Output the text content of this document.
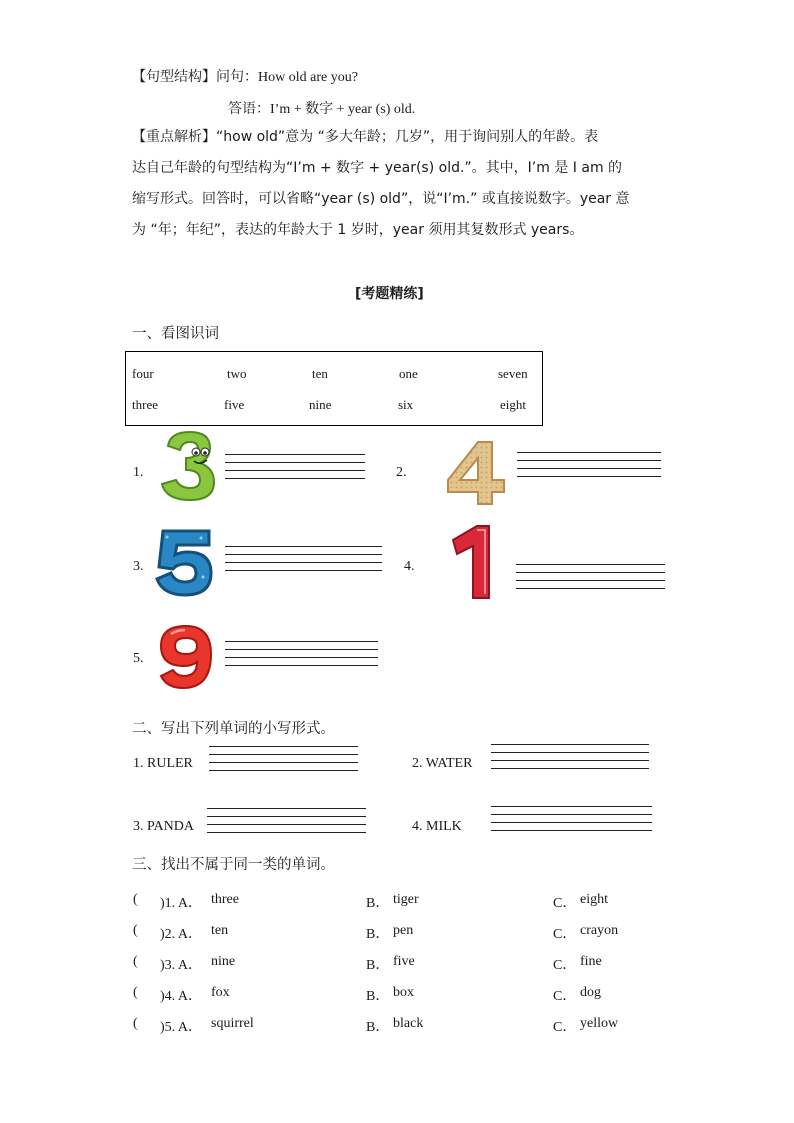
【句型结构】问句：How old are you?
答语：I’m + 数字 + year (s) old.
【重点解析】“how old”意为 “多大年龄；几岁”，用于询问别人的年龄。表
达自己年龄的句型结构为“I’m + 数字 + year(s) old.”。其中，I’m 是 I am 的
缩写形式。回答时，可以省略“year (s) old”，说“I’m.” 或直接说数字。year 意
为 “年；年纪”，表达的年龄大于 1 岁时，year 须用其复数形式 years。
[考题精练]
一、看图识词
four	two	ten	one	seven
three	five	nine	six	eight
1.	2.
3.	4.
5.
二、写出下列单词的小写形式。
1. RULER	2. WATER
3. PANDA	4. MILK
三、找出不属于同一类的单词。
( )1. A． three	B． tiger	C． eight
( )2. A． ten	B． pen	C． crayon
( )3. A． nine	B． five	C． fine
( )4. A． fox	B． box	C． dog
( )5. A． squirrel	B． black	C． yellow
